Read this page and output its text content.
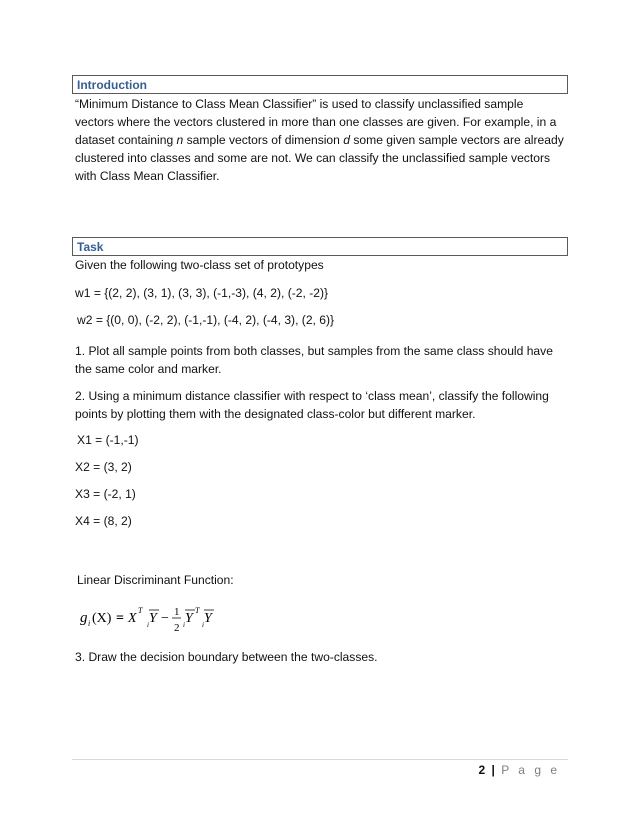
Introduction
“Minimum Distance to Class Mean Classifier” is used to classify unclassified sample vectors where the vectors clustered in more than one classes are given. For example, in a dataset containing n sample vectors of dimension d some given sample vectors are already clustered into classes and some are not. We can classify the unclassified sample vectors with Class Mean Classifier.
Task
Given the following two-class set of prototypes
w1 = {(2, 2), (3, 1), (3, 3), (-1,-3), (4, 2), (-2, -2)}
w2 = {(0, 0), (-2, 2), (-1,-1), (-4, 2), (-4, 3), (2, 6)}
1. Plot all sample points from both classes, but samples from the same class should have the same color and marker.
2. Using a minimum distance classifier with respect to ‘class mean’, classify the following points by plotting them with the designated class-color but different marker.
X1 = (-1,-1)
X2 = (3, 2)
X3 = (-2, 1)
X4 = (8, 2)
Linear Discriminant Function:
g i (X) = X
T
i Y − 1
2 i Y
T
i Y
3. Draw the decision boundary between the two-classes.
2 | P a g e
